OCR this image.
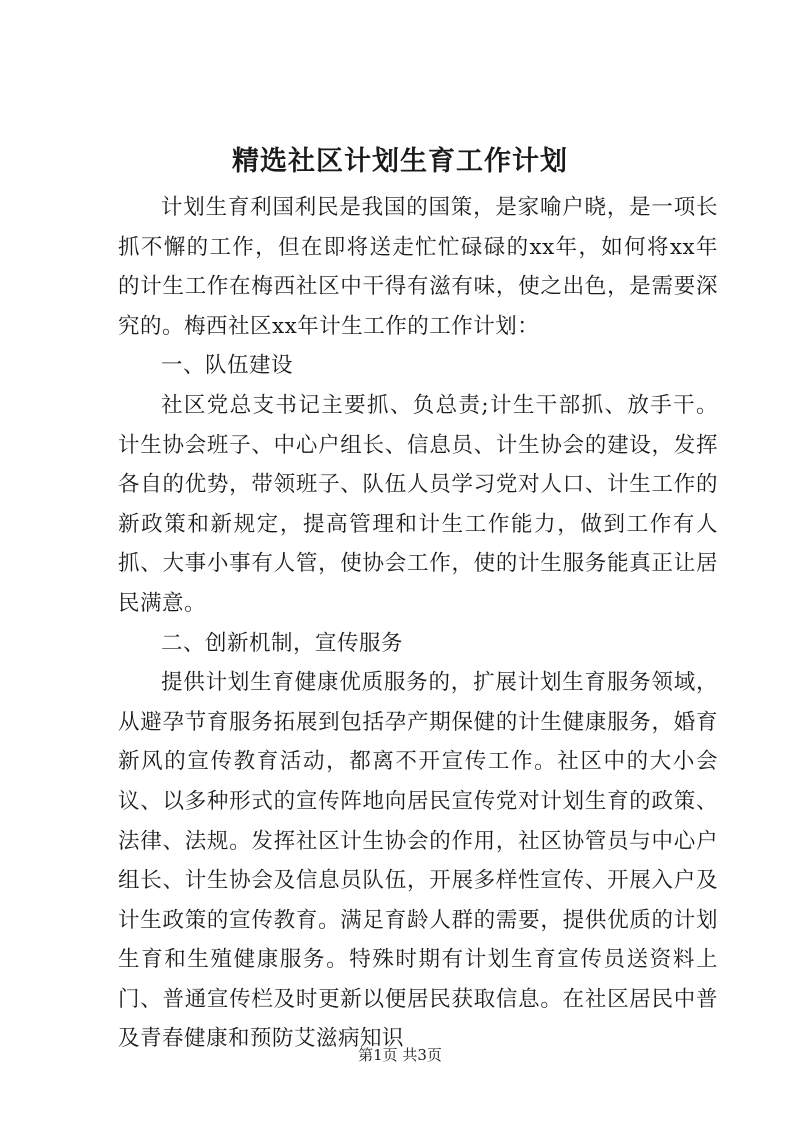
精选社区计划生育工作计划

计划生育利国利民是我国的国策，是家喻户晓，是一项长抓不懈的工作，但在即将送走忙忙碌碌的xx年，如何将xx年的计生工作在梅西社区中干得有滋有味，使之出色，是需要深究的。梅西社区xx年计生工作的工作计划：

一、队伍建设

社区党总支书记主要抓、负总责;计生干部抓、放手干。计生协会班子、中心户组长、信息员、计生协会的建设，发挥各自的优势，带领班子、队伍人员学习党对人口、计生工作的新政策和新规定，提高管理和计生工作能力，做到工作有人抓、大事小事有人管，使协会工作，使的计生服务能真正让居民满意。

二、创新机制，宣传服务

提供计划生育健康优质服务的，扩展计划生育服务领域，从避孕节育服务拓展到包括孕产期保健的计生健康服务，婚育新风的宣传教育活动，都离不开宣传工作。社区中的大小会议、以多种形式的宣传阵地向居民宣传党对计划生育的政策、法律、法规。发挥社区计生协会的作用，社区协管员与中心户组长、计生协会及信息员队伍，开展多样性宣传、开展入户及计生政策的宣传教育。满足育龄人群的需要，提供优质的计划生育和生殖健康服务。特殊时期有计划生育宣传员送资料上门、普通宣传栏及时更新以便居民获取信息。在社区居民中普及青春健康和预防艾滋病知识

第1页 共3页
